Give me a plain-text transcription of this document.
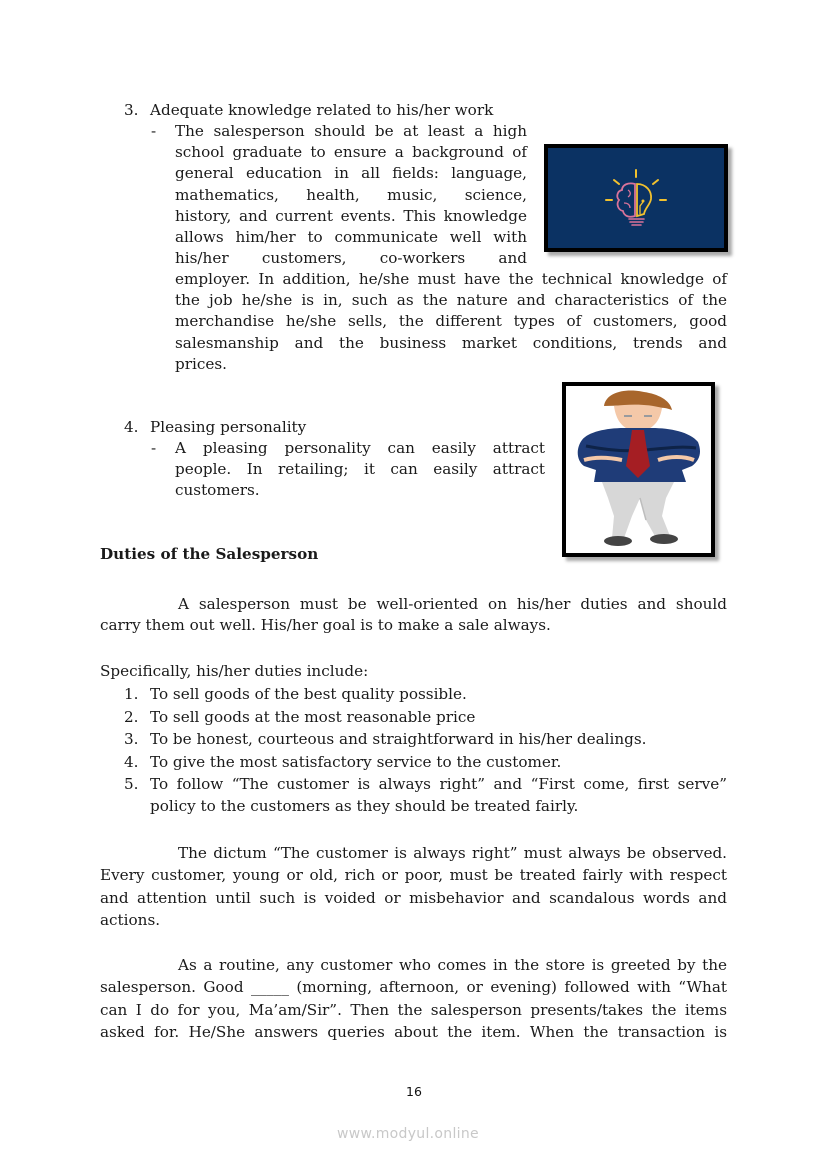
3. Adequate knowledge related to his/her work
- The salesperson should be at least a high
school graduate to ensure a background of
general education in all fields: language,
mathematics, health, music, science,
history, and current events. This knowledge
allows him/her to communicate well with
his/her customers, co-workers and
employer. In addition, he/she must have the technical knowledge of
the job he/she is in, such as the nature and characteristics of the
merchandise he/she sells, the different types of customers, good
salesmanship and the business market conditions, trends and
prices.
4. Pleasing personality
- A pleasing personality can easily attract
people. In retailing; it can easily attract
customers.
Duties of the Salesperson
A salesperson must be well-oriented on his/her duties and should
carry them out well. His/her goal is to make a sale always.
Specifically, his/her duties include:
1. To sell goods of the best quality possible.
2. To sell goods at the most reasonable price
3. To be honest, courteous and straightforward in his/her dealings.
4. To give the most satisfactory service to the customer.
5. To follow “The customer is always right” and “First come, first serve”
policy to the customers as they should be treated fairly.
The dictum “The customer is always right” must always be observed.
Every customer, young or old, rich or poor, must be treated fairly with respect
and attention until such is voided or misbehavior and scandalous words and
actions.
As a routine, any customer who comes in the store is greeted by the
salesperson. Good _____ (morning, afternoon, or evening) followed with “What
can I do for you, Ma’am/Sir”. Then the salesperson presents/takes the items
asked for. He/She answers queries about the item. When the transaction is
16
www.modyul.online
